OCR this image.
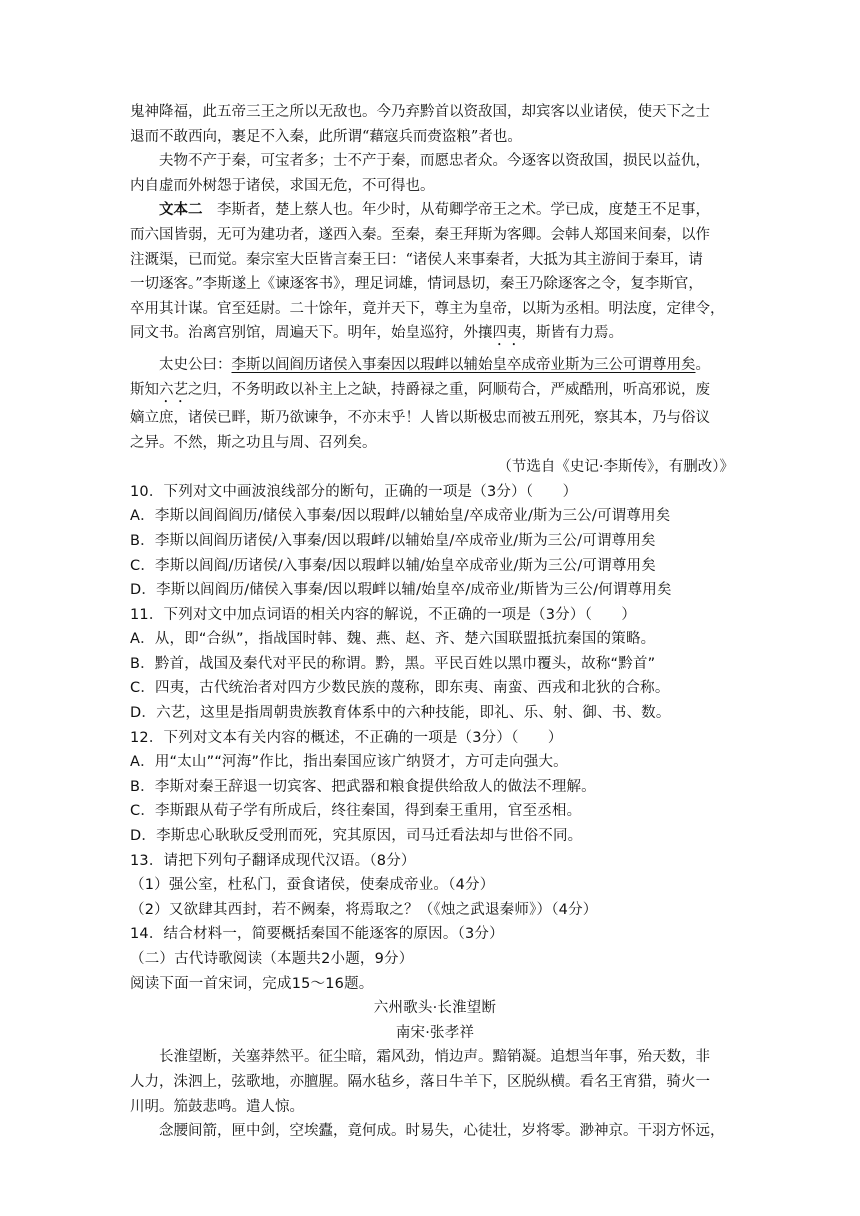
鬼神降福，此五帝三王之所以无敌也。今乃弃黔首以资敌国，却宾客以业诸侯，使天下之士

退而不敢西向，裹足不入秦，此所谓“藉寇兵而赍盗粮”者也。

夫物不产于秦，可宝者多；士不产于秦，而愿忠者众。今逐客以资敌国，损民以益仇，

内自虚而外树怨于诸侯，求国无危，不可得也。

文本二　 李斯者，楚上蔡人也。年少时，从荀卿学帝王之术。学已成，度楚王不足事，

而六国皆弱，无可为建功者，遂西入秦。至秦，秦王拜斯为客卿。会韩人郑国来间秦，以作

注溉渠，已而觉。秦宗室大臣皆言秦王曰：“诸侯人来事秦者，大抵为其主游间于秦耳，请

一切逐客。”李斯遂上《谏逐客书》，理足词雄，情词恳切，秦王乃除逐客之令，复李斯官，

卒用其计谋。官至廷尉。二十馀年，竟并天下，尊主为皇帝，以斯为丞相。明法度，定律令，

同文书。治离宫别馆，周遍天下。明年，始皇巡狩，外攘四夷，斯皆有力焉。

太史公曰：李斯以闾阎历诸侯入事秦因以瑕衅以辅始皇卒成帝业斯为三公可谓尊用矣。

斯知六艺之归，不务明政以补主上之缺，持爵禄之重，阿顺苟合，严威酷刑，听高邪说，废

嫡立庶，诸侯已畔，斯乃欲谏争，不亦末乎！人皆以斯极忠而被五刑死，察其本，乃与俗议

之异。不然，斯之功且与周、召列矣。

（节选自《史记·李斯传》，有删改）》

10．下列对文中画波浪线部分的断句，正确的一项是（3分）（　　）

A．李斯以闾阎阎历/储侯入事秦/因以瑕衅/以辅始皇/卒成帝业/斯为三公/可谓尊用矣

B．李斯以闾阎历诸侯/入事秦/因以瑕衅/以辅始皇/卒成帝业/斯为三公/可谓尊用矣

C．李斯以闾阎/历诸侯/入事秦/因以瑕衅以辅/始皇卒成帝业/斯为三公/可谓尊用矣

D．李斯以闾阎历/储侯入事秦/因以瑕衅以辅/始皇卒/成帝业/斯皆为三公/何谓尊用矣

11．下列对文中加点词语的相关内容的解说，不正确的一项是（3分）（　　）

A．从，即“合纵”，指战国时韩、魏、燕、赵、齐、楚六国联盟抵抗秦国的策略。

B．黔首，战国及秦代对平民的称谓。黔，黑。平民百姓以黑巾覆头，故称“黔首”

C．四夷，古代统治者对四方少数民族的蔑称，即东夷、南蛮、西戎和北狄的合称。

D．六艺，这里是指周朝贵族教育体系中的六种技能，即礼、乐、射、御、书、数。

12．下列对文本有关内容的概述，不正确的一项是（3分）（　　）

A．用“太山”“河海”作比，指出秦国应该广纳贤才，方可走向强大。

B．李斯对秦王辞退一切宾客、把武器和粮食提供给敌人的做法不理解。

C．李斯跟从荀子学有所成后，终往秦国，得到秦王重用，官至丞相。

D．李斯忠心耿耿反受刑而死，究其原因，司马迁看法却与世俗不同。

13．请把下列句子翻译成现代汉语。（8分）

（1）强公室，杜私门，蚕食诸侯，使秦成帝业。（4分）

（2）又欲肆其西封，若不阙秦，将焉取之？（《烛之武退秦师》）（4分）

14．结合材料一，简要概括秦国不能逐客的原因。（3分）

（二）古代诗歌阅读（本题共2小题，9分）

阅读下面一首宋词，完成15～16题。

六州歌头·长淮望断

南宋·张孝祥

长淮望断，关塞莽然平。征尘暗，霜风劲，悄边声。黯销凝。追想当年事，殆天数，非

人力，洙泗上，弦歌地，亦膻腥。隔水毡乡，落日牛羊下，区脱纵横。看名王宵猎，骑火一

川明。笳鼓悲鸣。遣人惊。

念腰间箭，匣中剑，空埃蠹，竟何成。时易失，心徒壮，岁将零。渺神京。干羽方怀远，
